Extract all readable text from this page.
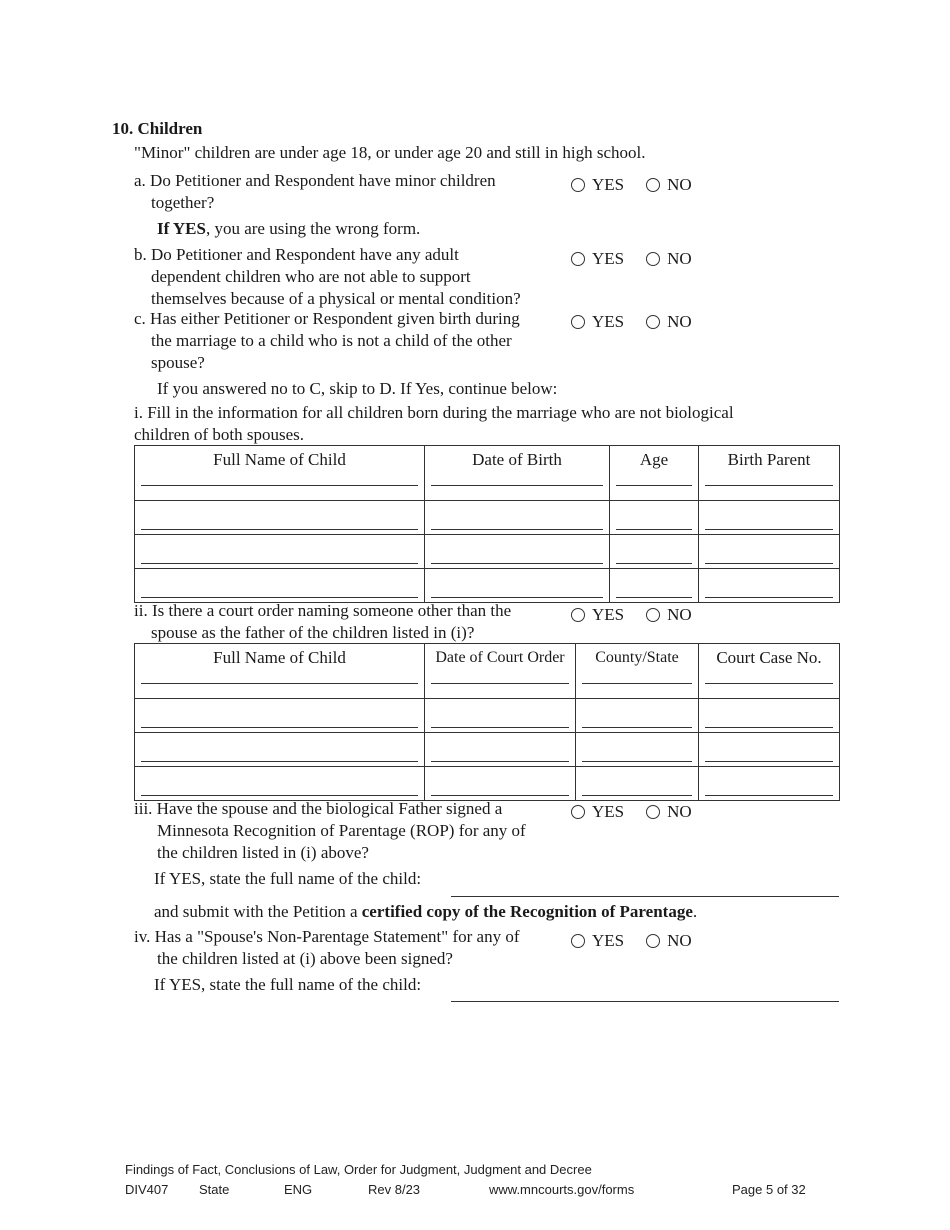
10. Children
"Minor" children are under age 18, or under age 20 and still in high school.
a. Do Petitioner and Respondent have minor children
together?
YES	NO
If YES, you are using the wrong form.
b. Do Petitioner and Respondent have any adult
dependent children who are not able to support
themselves because of a physical or mental condition?
YES	NO
c. Has either Petitioner or Respondent given birth during
the marriage to a child who is not a child of the other
spouse?
YES	NO
If you answered no to C, skip to D. If Yes, continue below:
i. Fill in the information for all children born during the marriage who are not biological
children of both spouses.
Full Name of Child	Date of Birth	Age	Birth Parent

ii. Is there a court order naming someone other than the
spouse as the father of the children listed in (i)?
YES	NO
Full Name of Child	Date of Court Order	County/State	Court Case No.

iii. Have the spouse and the biological Father signed a
Minnesota Recognition of Parentage (ROP) for any of
the children listed in (i) above?
YES	NO
If YES, state the full name of the child:
and submit with the Petition a certified copy of the Recognition of Parentage.
iv. Has a "Spouse's Non-Parentage Statement" for any of
the children listed at (i) above been signed?
YES	NO
If YES, state the full name of the child:
Findings of Fact, Conclusions of Law, Order for Judgment, Judgment and Decree
DIV407 State	ENG	Rev 8/23	www.mncourts.gov/forms	Page 5 of 32
